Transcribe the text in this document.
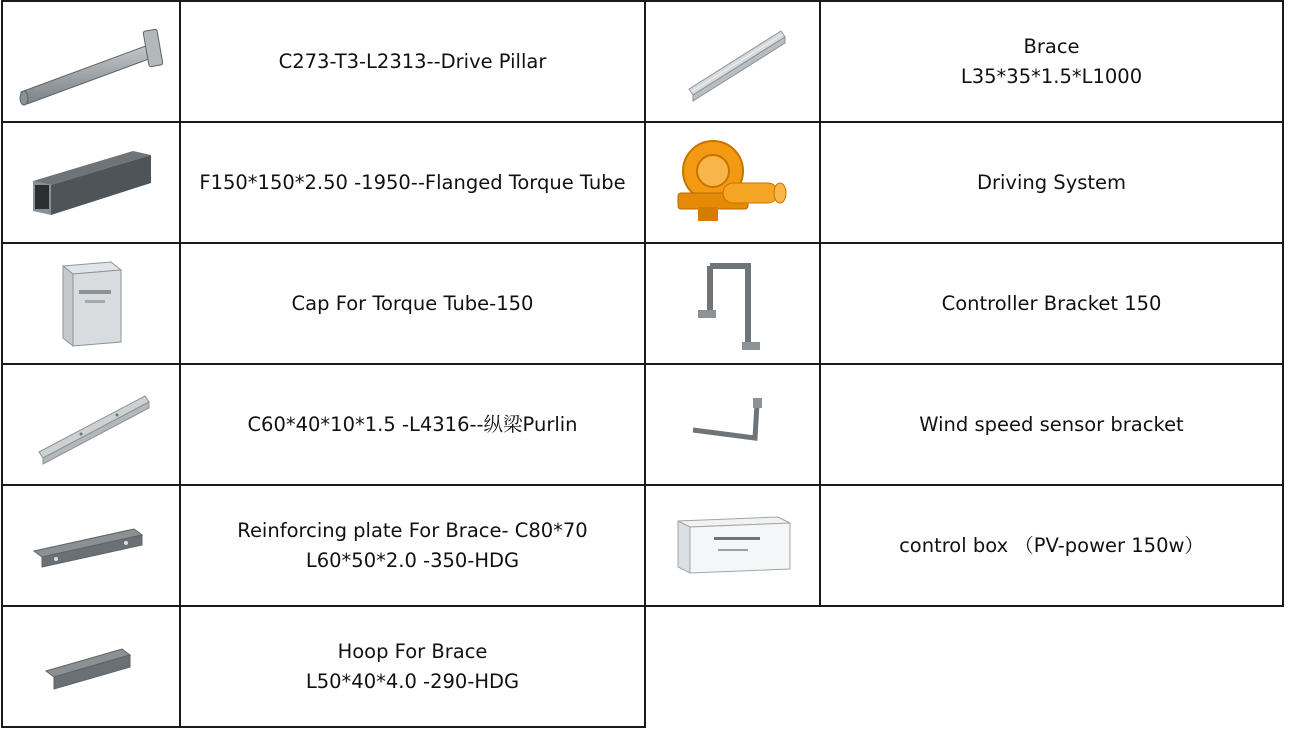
C273-T3-L2313--Drive Pillar		Brace
L35*35*1.5*L1000

F150*150*2.50 -1950--Flanged Torque Tube		Driving System

Cap For Torque Tube-150		Controller Bracket 150

C60*40*10*1.5 -L4316--纵梁Purlin		Wind speed sensor bracket

Reinforcing plate For Brace- C80*70
L60*50*2.0 -350-HDG		control box （PV-power 150w）

Hoop For Brace
L50*40*4.0 -290-HDG		
